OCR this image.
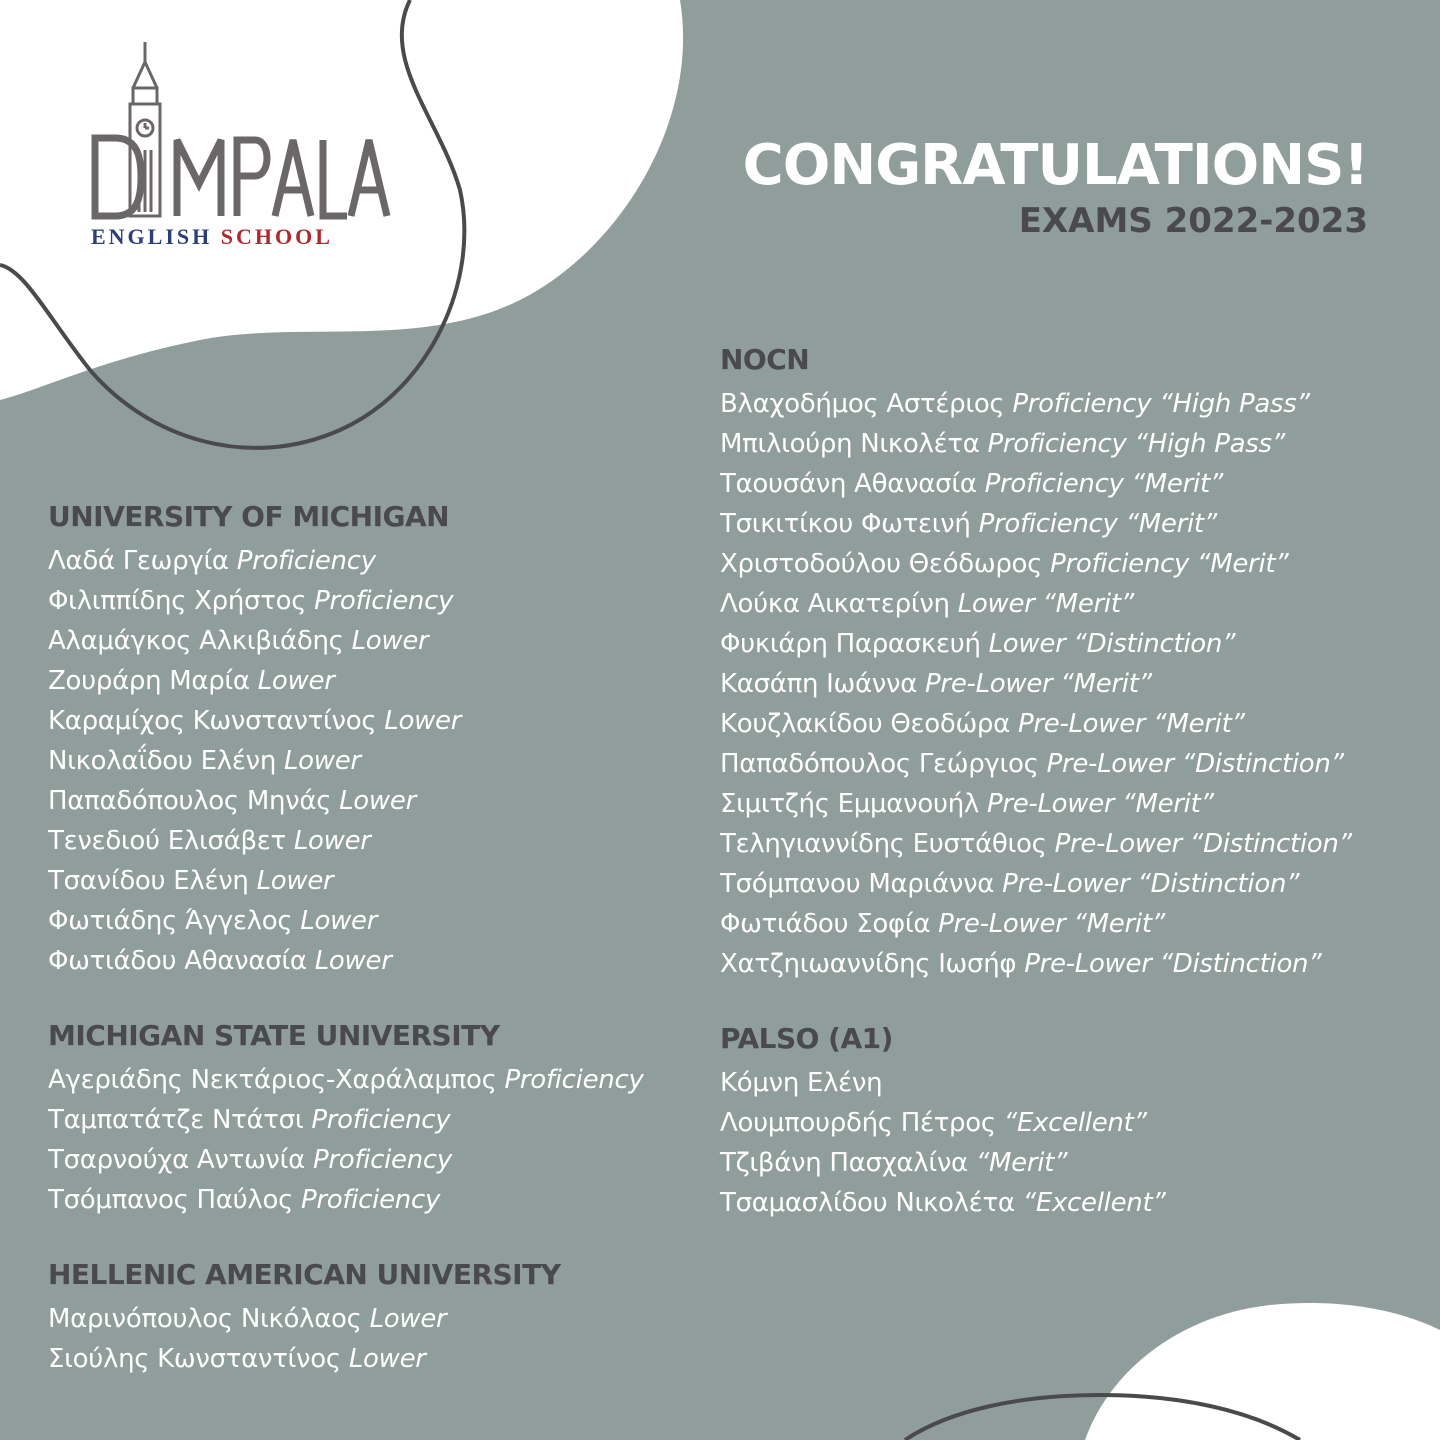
ENGLISH SCHOOL
CONGRATULATIONS!
EXAMS 2022-2023
UNIVERSITY OF MICHIGAN
Λαδά Γεωργία Proficiency
Φιλιππίδης Χρήστος Proficiency
Αλαμάγκος Αλκιβιάδης Lower
Ζουράρη Μαρία Lower
Καραμίχος Κωνσταντίνος Lower
Νικολαΐδου Ελένη Lower
Παπαδόπουλος Μηνάς Lower
Τενεδιού Ελισάβετ Lower
Τσανίδου Ελένη Lower
Φωτιάδης Άγγελος Lower
Φωτιάδου Αθανασία Lower
MICHIGAN STATE UNIVERSITY
Αγεριάδης Νεκτάριος-Χαράλαμπος Proficiency
Ταμπατάτζε Ντάτσι Proficiency
Τσαρνούχα Αντωνία Proficiency
Τσόμπανος Παύλος Proficiency
HELLENIC AMERICAN UNIVERSITY
Μαρινόπουλος Νικόλαος Lower
Σιούλης Κωνσταντίνος Lower
NOCN
Βλαχοδήμος Αστέριος Proficiency “High Pass”
Μπιλιούρη Νικολέτα Proficiency “High Pass”
Ταουσάνη Αθανασία Proficiency “Merit”
Τσικιτίκου Φωτεινή Proficiency “Merit”
Χριστοδούλου Θεόδωρος Proficiency “Merit”
Λούκα Αικατερίνη Lower “Merit”
Φυκιάρη Παρασκευή Lower “Distinction”
Κασάπη Ιωάννα Pre-Lower “Merit”
Κουζλακίδου Θεοδώρα Pre-Lower “Merit”
Παπαδόπουλος Γεώργιος Pre-Lower “Distinction”
Σιμιτζής Εμμανουήλ Pre-Lower “Merit”
Τεληγιαννίδης Ευστάθιος Pre-Lower “Distinction”
Τσόμπανου Μαριάννα Pre-Lower “Distinction”
Φωτιάδου Σοφία Pre-Lower “Merit”
Χατζηιωαννίδης Ιωσήφ Pre-Lower “Distinction”
PALSO (A1)
Κόμνη Ελένη
Λουμπουρδής Πέτρος “Excellent”
Τζιβάνη Πασχαλίνα “Merit”
Τσαμασλίδου Νικολέτα “Excellent”
